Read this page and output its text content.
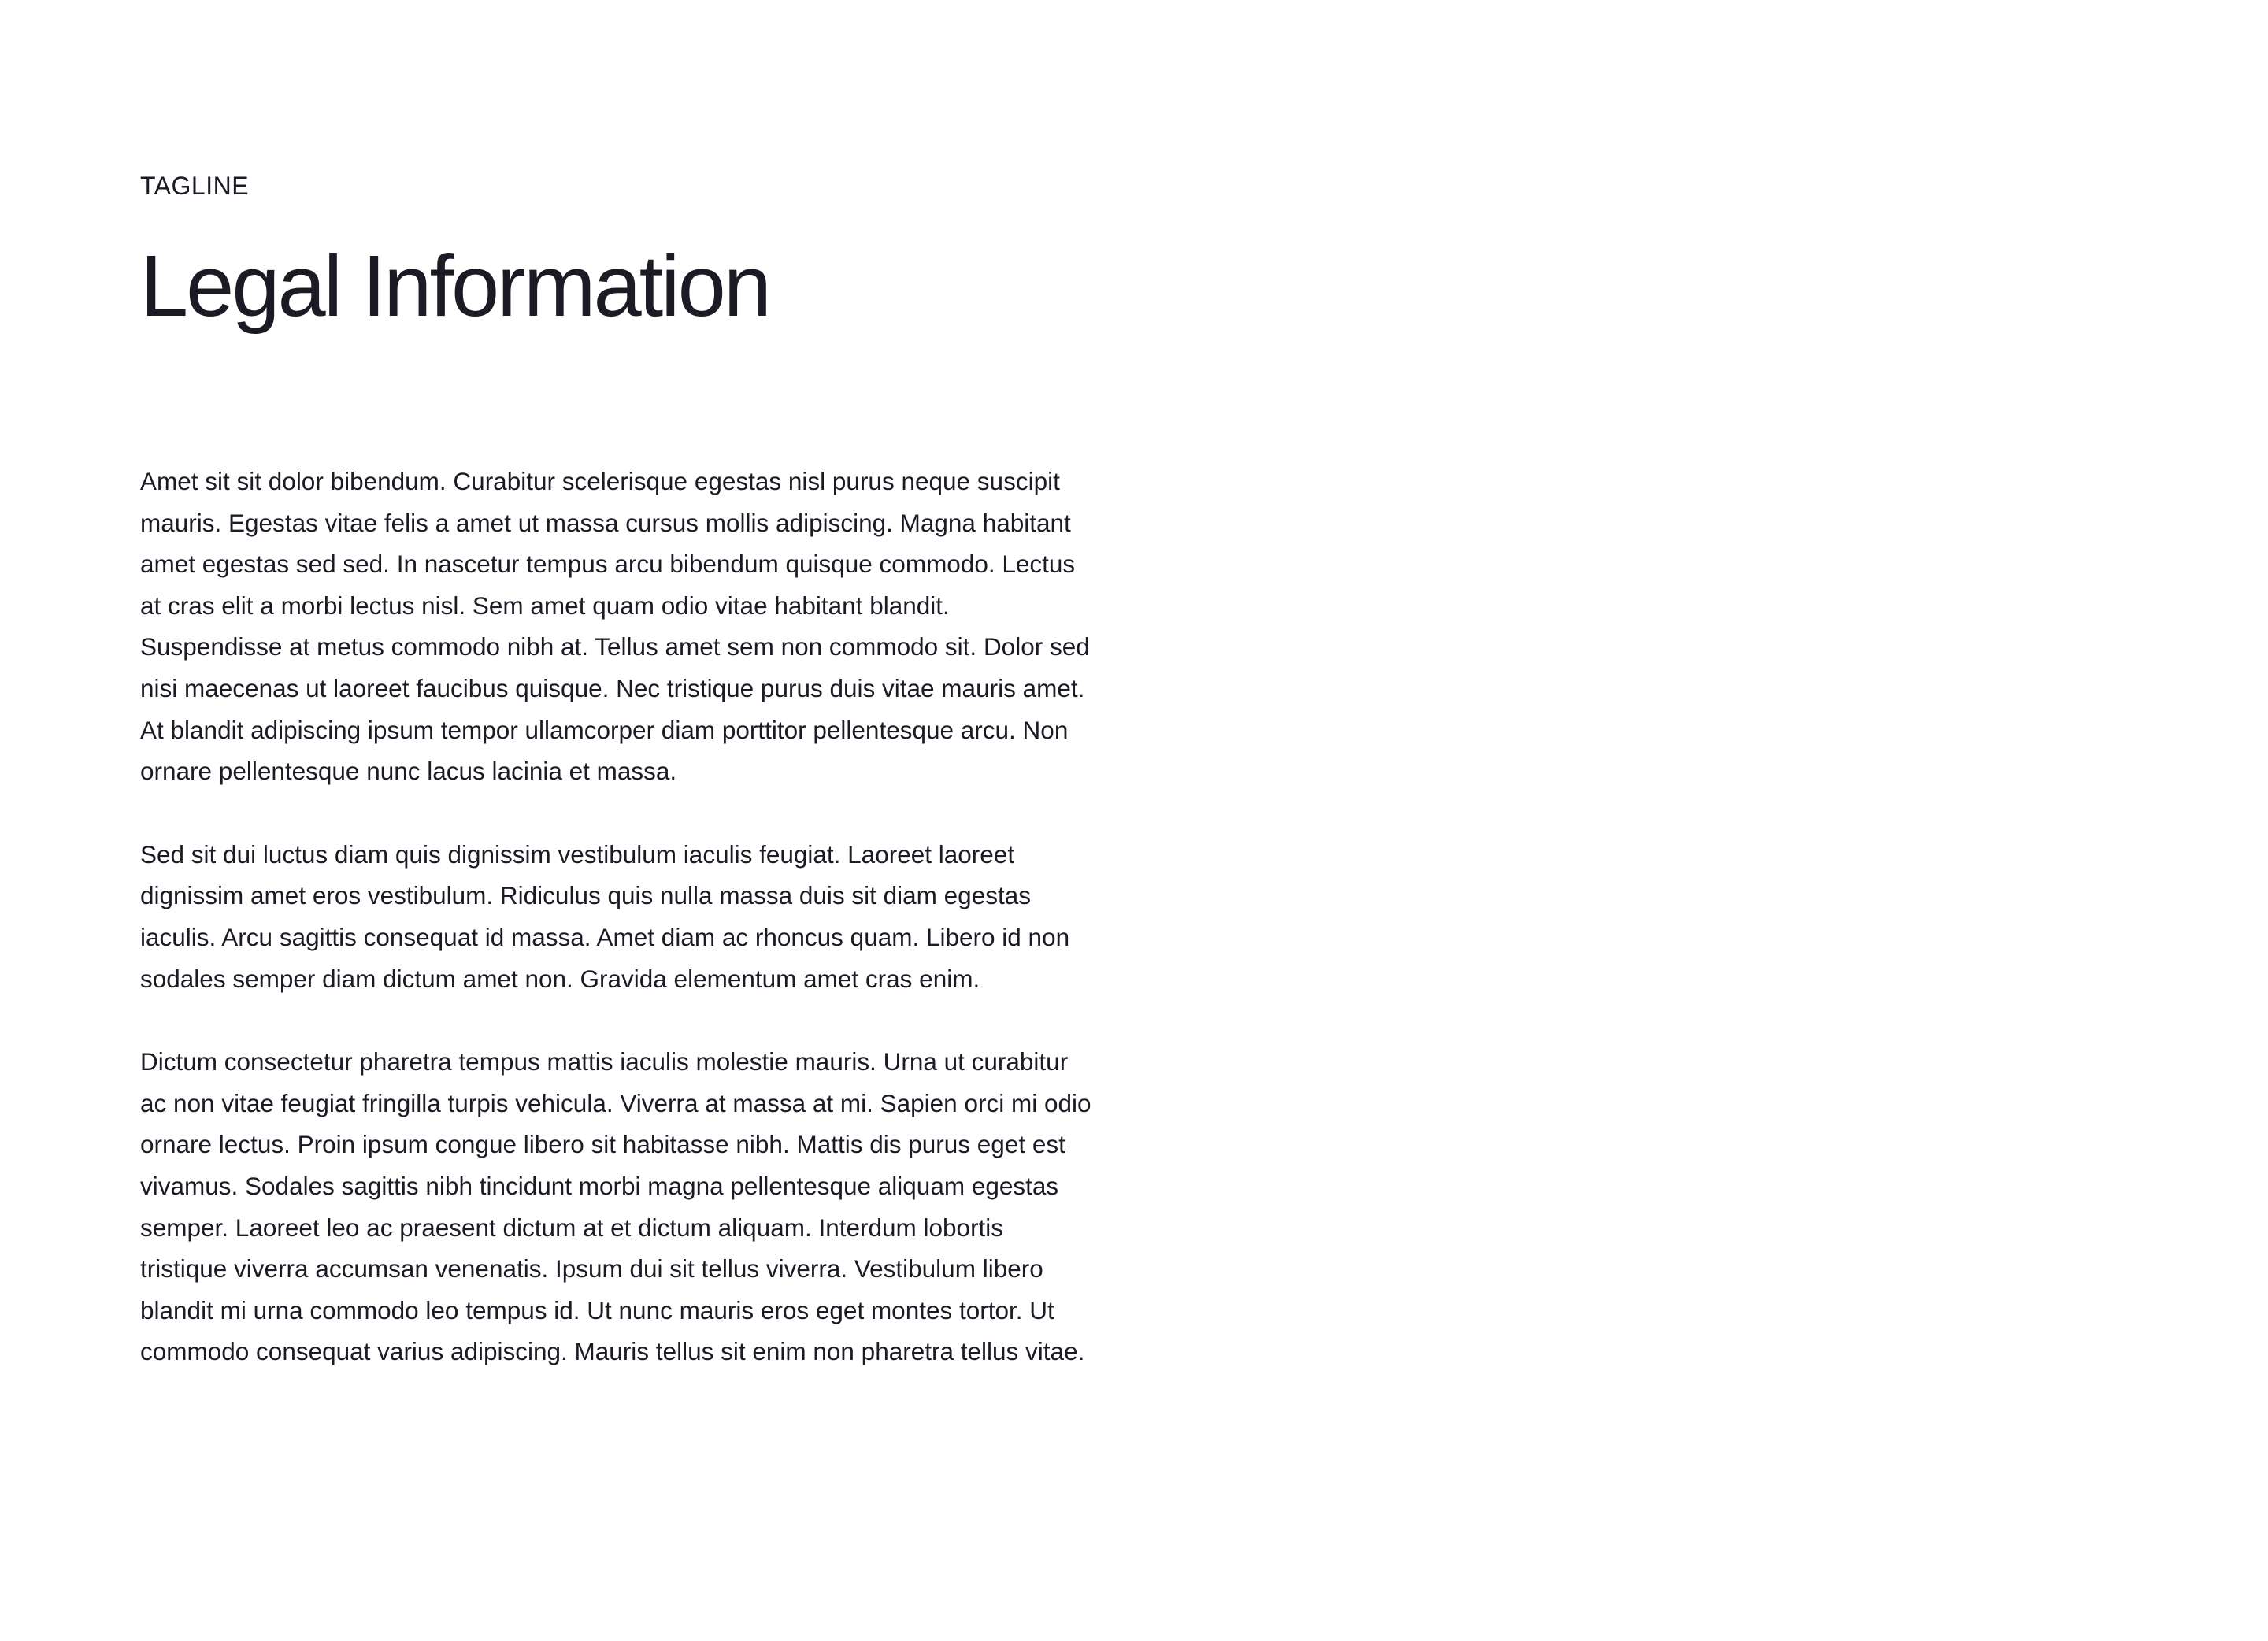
TAGLINE
Legal Information

Amet sit sit dolor bibendum. Curabitur scelerisque egestas nisl purus neque suscipit mauris. Egestas vitae felis a amet ut massa cursus mollis adipiscing. Magna habitant amet egestas sed sed. In nascetur tempus arcu bibendum quisque commodo. Lectus at cras elit a morbi lectus nisl. Sem amet quam odio vitae habitant blandit. Suspendisse at metus commodo nibh at. Tellus amet sem non commodo sit. Dolor sed nisi maecenas ut laoreet faucibus quisque. Nec tristique purus duis vitae mauris amet. At blandit adipiscing ipsum tempor ullamcorper diam porttitor pellentesque arcu. Non ornare pellentesque nunc lacus lacinia et massa.

Sed sit dui luctus diam quis dignissim vestibulum iaculis feugiat. Laoreet laoreet dignissim amet eros vestibulum. Ridiculus quis nulla massa duis sit diam egestas iaculis. Arcu sagittis consequat id massa. Amet diam ac rhoncus quam. Libero id non sodales semper diam dictum amet non. Gravida elementum amet cras enim.

Dictum consectetur pharetra tempus mattis iaculis molestie mauris. Urna ut curabitur ac non vitae feugiat fringilla turpis vehicula. Viverra at massa at mi. Sapien orci mi odio ornare lectus. Proin ipsum congue libero sit habitasse nibh. Mattis dis purus eget est vivamus. Sodales sagittis nibh tincidunt morbi magna pellentesque aliquam egestas semper. Laoreet leo ac praesent dictum at et dictum aliquam. Interdum lobortis tristique viverra accumsan venenatis. Ipsum dui sit tellus viverra. Vestibulum libero blandit mi urna commodo leo tempus id. Ut nunc mauris eros eget montes tortor. Ut commodo consequat varius adipiscing. Mauris tellus sit enim non pharetra tellus vitae.
